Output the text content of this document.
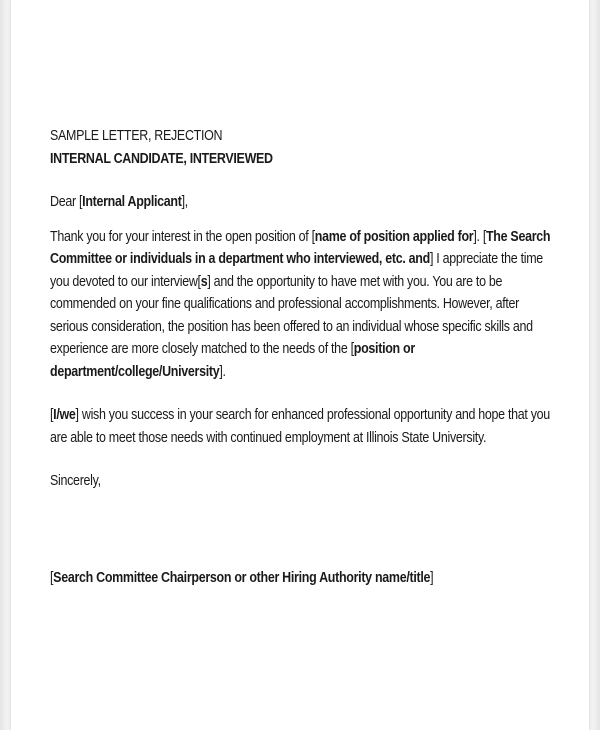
SAMPLE LETTER, REJECTION
INTERNAL CANDIDATE, INTERVIEWED
Dear [Internal Applicant],
Thank you for your interest in the open position of [name of position applied for]. [The Search
Committee or individuals in a department who interviewed, etc. and] I appreciate the time
you devoted to our interview[s] and the opportunity to have met with you. You are to be
commended on your fine qualifications and professional accomplishments. However, after
serious consideration, the position has been offered to an individual whose specific skills and
experience are more closely matched to the needs of the [position or
department/college/University].
[I/we] wish you success in your search for enhanced professional opportunity and hope that you
are able to meet those needs with continued employment at Illinois State University.
Sincerely,
[Search Committee Chairperson or other Hiring Authority name/title]
